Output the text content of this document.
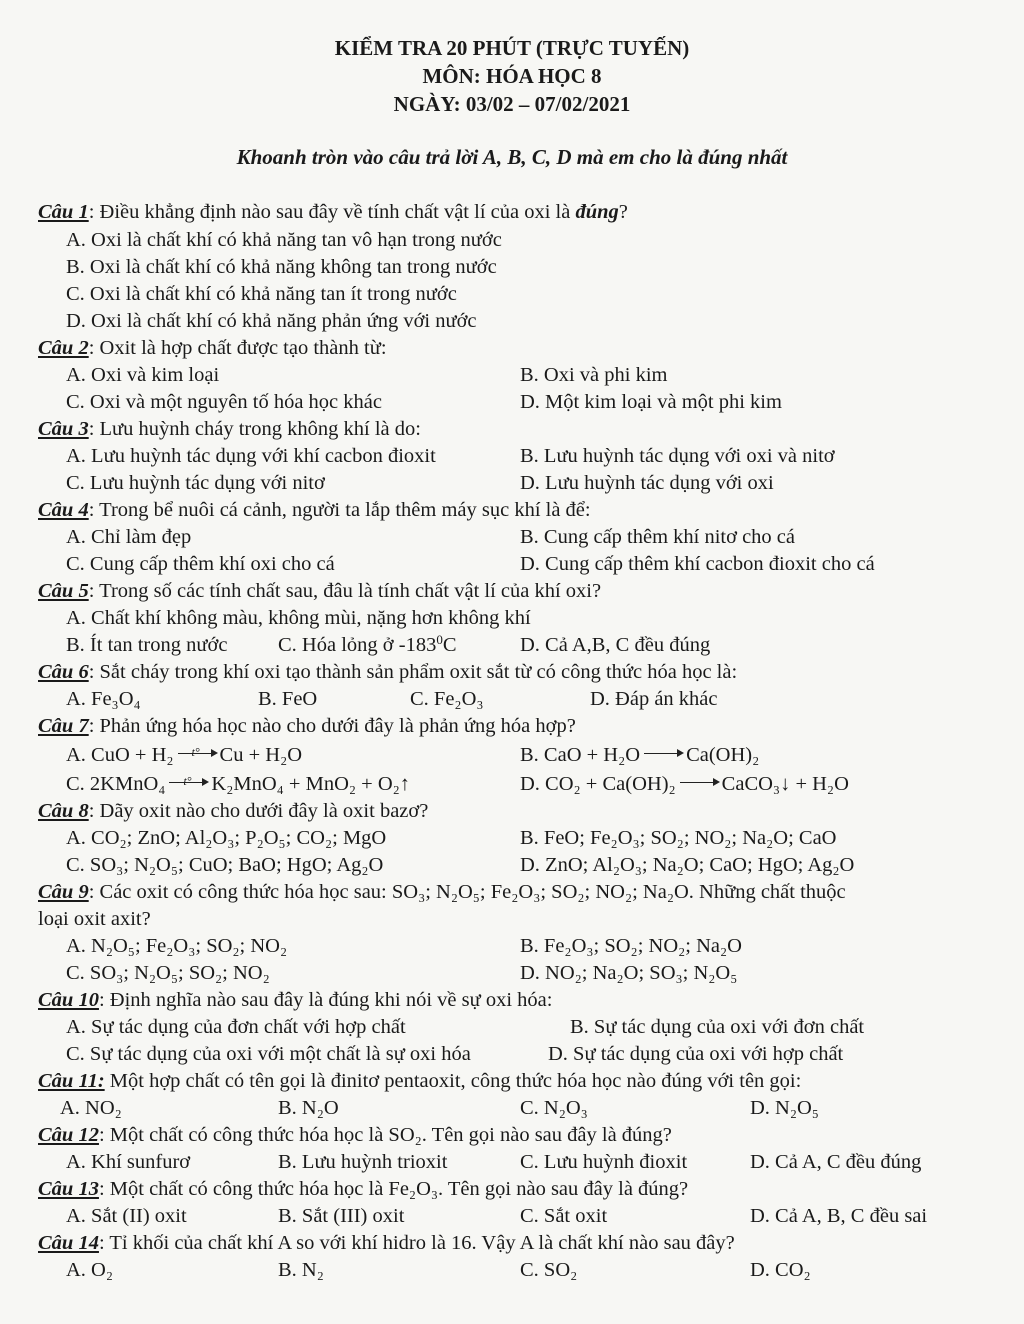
KIỂM TRA 20 PHÚT (TRỰC TUYẾN)
MÔN: HÓA HỌC 8
NGÀY: 03/02 – 07/02/2021
Khoanh tròn vào câu trả lời A, B, C, D mà em cho là đúng nhất
Câu 1: Điều khẳng định nào sau đây về tính chất vật lí của oxi là đúng?
A. Oxi là chất khí có khả năng tan vô hạn trong nước
B. Oxi là chất khí có khả năng không tan trong nước
C. Oxi là chất khí có khả năng tan ít trong nước
D. Oxi là chất khí có khả năng phản ứng với nước
Câu 2: Oxit là hợp chất được tạo thành từ:
A. Oxi và kim loại	B. Oxi và phi kim
C. Oxi và một nguyên tố hóa học khác	D. Một kim loại và một phi kim
Câu 3: Lưu huỳnh cháy trong không khí là do:
A. Lưu huỳnh tác dụng với khí cacbon đioxit	B. Lưu huỳnh tác dụng với oxi và nitơ
C. Lưu huỳnh tác dụng với nitơ	D. Lưu huỳnh tác dụng với oxi
Câu 4: Trong bể nuôi cá cảnh, người ta lắp thêm máy sục khí là để:
A. Chỉ làm đẹp	B. Cung cấp thêm khí nitơ cho cá
C. Cung cấp thêm khí oxi cho cá	D. Cung cấp thêm khí cacbon đioxit cho cá
Câu 5: Trong số các tính chất sau, đâu là tính chất vật lí của khí oxi?
A. Chất khí không màu, không mùi, nặng hơn không khí
B. Ít tan trong nước C. Hóa lỏng ở $-183^0C$	D. Cả A,B, C đều đúng
Câu 6: Sắt cháy trong khí oxi tạo thành sản phẩm oxit sắt từ có công thức hóa học là:
A. Fe₃O₄	B. FeO	C. Fe₂O₃	D. Đáp án khác
Câu 7: Phản ứng hóa học nào cho dưới đây là phản ứng hóa hợp?
A. CuO + H₂ t° Cu + H₂O	B. CaO + H₂O Ca(OH)₂
C. 2KMnO₄ t° K₂MnO₄ + MnO₂ + O₂↑	D. CO₂ + Ca(OH)₂ CaCO₃↓ + H₂O
Câu 8: Dãy oxit nào cho dưới đây là oxit bazơ?
A. CO₂; ZnO; Al₂O₃; P₂O₅; CO₂; MgO	B. FeO; Fe₂O₃; SO₂; NO₂; Na₂O; CaO
C. SO₃; N₂O₅; CuO; BaO; HgO; Ag₂O	D. ZnO; Al₂O₃; Na₂O; CaO; HgO; Ag₂O
Câu 9: Các oxit có công thức hóa học sau: SO₃; N₂O₅; Fe₂O₃; SO₂; NO₂; Na₂O. Những chất thuộc
loại oxit axit?
A. N₂O₅; Fe₂O₃; SO₂; NO₂	B. Fe₂O₃; SO₂; NO₂; Na₂O
C. SO₃; N₂O₅; SO₂; NO₂	D. NO₂; Na₂O; SO₃; N₂O₅
Câu 10: Định nghĩa nào sau đây là đúng khi nói về sự oxi hóa:
A. Sự tác dụng của đơn chất với hợp chất	B. Sự tác dụng của oxi với đơn chất
C. Sự tác dụng của oxi với một chất là sự oxi hóa	D. Sự tác dụng của oxi với hợp chất
Câu 11: Một hợp chất có tên gọi là đinitơ pentaoxit, công thức hóa học nào đúng với tên gọi:
A. NO₂	B. N₂O	C. N₂O₃	D. N₂O₅
Câu 12: Một chất có công thức hóa học là SO₂. Tên gọi nào sau đây là đúng?
A. Khí sunfurơ	B. Lưu huỳnh trioxit	C. Lưu huỳnh đioxit	D. Cả A, C đều đúng
Câu 13: Một chất có công thức hóa học là Fe₂O₃. Tên gọi nào sau đây là đúng?
A. Sắt (II) oxit	B. Sắt (III) oxit	C. Sắt oxit	D. Cả A, B, C đều sai
Câu 14: Tỉ khối của chất khí A so với khí hidro là 16. Vậy A là chất khí nào sau đây?
A. O₂	B. N₂	C. SO₂	D. CO₂
